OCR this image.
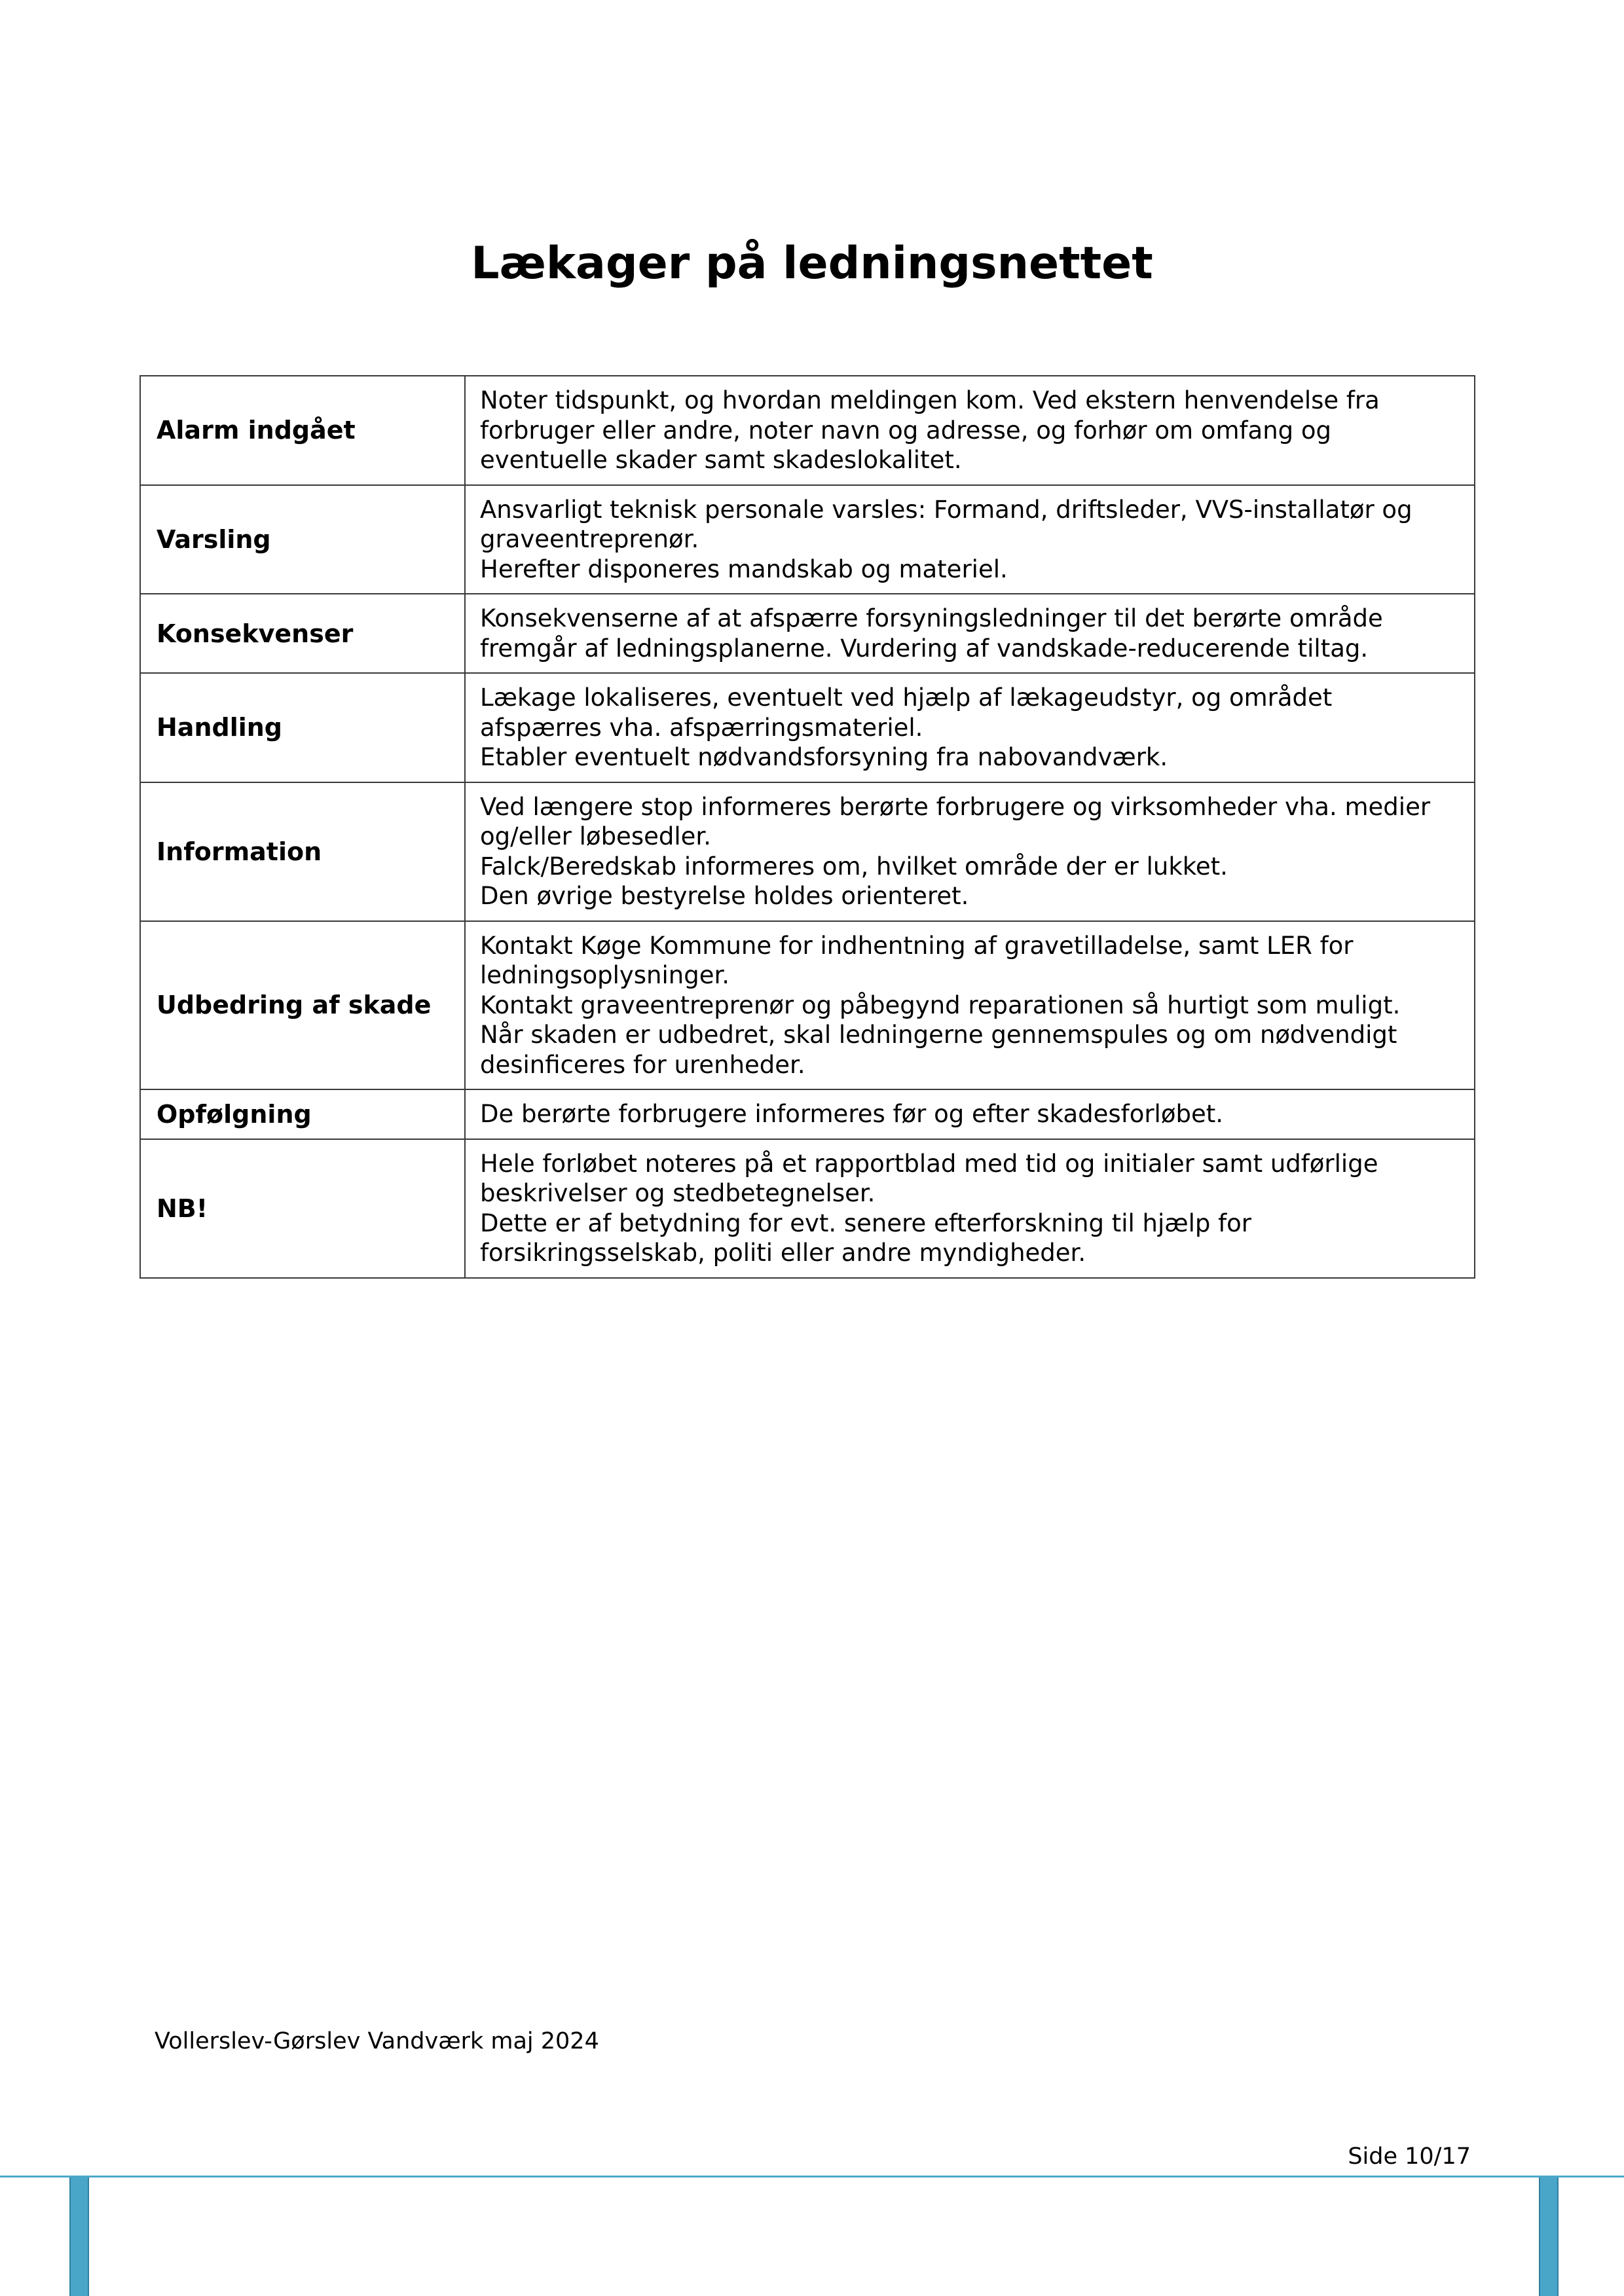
Lækager på ledningsnettet
Alarm indgået	Noter tidspunkt, og hvordan meldingen kom. Ved ekstern henvendelse fra
forbruger eller andre, noter navn og adresse, og forhør om omfang og
eventuelle skader samt skadeslokalitet.

Varsling	Ansvarligt teknisk personale varsles: Formand, driftsleder, VVS-installatør og
graveentreprenør.
Herefter disponeres mandskab og materiel.

Konsekvenser	Konsekvenserne af at afspærre forsyningsledninger til det berørte område
fremgår af ledningsplanerne. Vurdering af vandskade-reducerende tiltag.

Handling	Lækage lokaliseres, eventuelt ved hjælp af lækageudstyr, og området
afspærres vha. afspærringsmateriel.
Etabler eventuelt nødvandsforsyning fra nabovandværk.

Information	Ved længere stop informeres berørte forbrugere og virksomheder vha. medier
og/eller løbesedler.
Falck/Beredskab informeres om, hvilket område der er lukket.
Den øvrige bestyrelse holdes orienteret.

Udbedring af skade	Kontakt Køge Kommune for indhentning af gravetilladelse, samt LER for
ledningsoplysninger.
Kontakt graveentreprenør og påbegynd reparationen så hurtigt som muligt.
Når skaden er udbedret, skal ledningerne gennemspules og om nødvendigt
desinficeres for urenheder.

Opfølgning	De berørte forbrugere informeres før og efter skadesforløbet.

NB!	Hele forløbet noteres på et rapportblad med tid og initialer samt udførlige
beskrivelser og stedbetegnelser.
Dette er af betydning for evt. senere efterforskning til hjælp for
forsikringsselskab, politi eller andre myndigheder.

Vollerslev-Gørslev Vandværk maj 2024

Side 10/17
